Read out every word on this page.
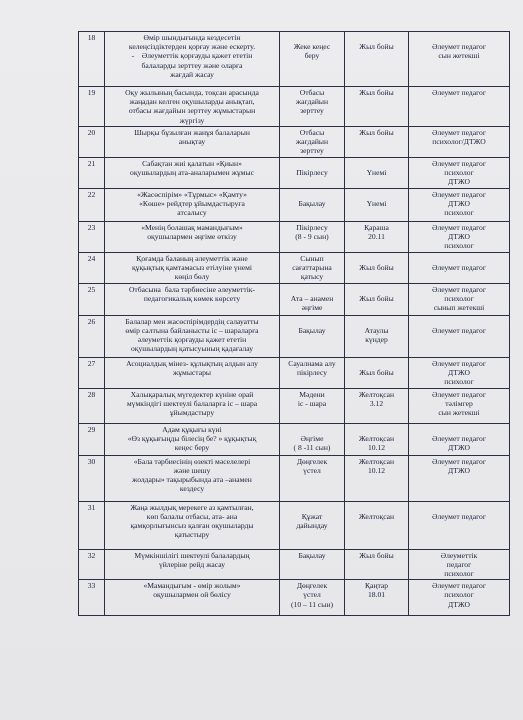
18	Өмір шындығында кездесетін
келеңсіздіктерден қорғау және ескерту.
-    Әлеуметтік қорғауды қажет ететін
балаларды зерттеу және оларға
жағдай жасау	Жеке кеңес
беру	Жыл бойы	Әлеумет педагог
сын жетекші

19	Оқу жылының басында, тоқсан арасында
жаңадан келген оқушыларды анықтап,
отбасы жағдайын зерттеу жұмыстарын
жүргізу	Отбасы
жағдайын
зерттеу	Жыл бойы	Әлеумет педагог

20	Шырқы бұзылған жанұя балаларын
анықтау	Отбасы
жағдайын
зерттеу	Жыл бойы	Әлеумет педагог
психолог/ДТЖО

21	Сабақтан жиі қалатын «Қиын»
оқушылардың ата-аналарымен жұмыс	Пікірлесу	Үнемі	Әлеумет педагог
психолог
ДТЖО

22	«Жасөспірім» «Тұрмыс» «Қамту»
«Көше» рейдтер ұйымдастыруға
атсалысу	Бақылау	Үнемі	Әлеумет педагог
ДТЖО
психолог

23	«Менің болашақ мамандығым»
оқушылармен әңгіме өткізу	Пікірлесу
(8 - 9 сын)	Қараша
20.11	Әлеумет педагог
ДТЖО
психолог

24	Қоғамда баланың әлеуметтік және
құқықтық қамтамасыз етілуіне үнемі
көңіл бөлу	Сынып
сағаттарына
қатысу	Жыл бойы	Әлеумет педагог

25	Отбасына  бала тәрбиесіне әлеуметтік-
педагогикалық көмек көрсету	Ата – анамен
әңгіме	Жыл бойы	Әлеумет педагог
психолог
сынып жетекші

26	Балалар мен жасөспірімдердің салауатты
өмір салтына байланысты іс – шараларға
әлеуметтік қорғауды қажет ететін
оқушылардың қатысуының қадағалау	Бақылау	Атаулы
күндер	Әлеумет педагог

27	Асоциалдық мінез- құлықтың алдын алу
жұмыстары	Сауалнама алу
пікірлесу	Жыл бойы	Әлеумет педагог
ДТЖО
психолог

28	Халықаралық мүгедектер күніне орай
мүмкіндігі шектеулі балаларға іс – шара
ұйымдастыру	Мәдени
іс - шара	Желтоқсан
3.12	Әлеумет педагог
тәлімгер
сын жетекші

29	Адам құқығы күні
«Өз құқығыңды білесің бе? » құқықтық
кеңес беру	Әңгіме
( 8 -11 сын)	Желтоқсан
10.12	Әлеумет педагог
ДТЖО

30	«Бала тәрбиесінің өзекті мәселелері
және шешу
жолдары» тақырыбында ата –анамен
кездесу	Дөңгелек
үстел	Желтоқсан
10.12	Әлеумет педагог
ДТЖО

31	Жаңа жылдық мерекеге аз қамтылған,
көп балалы отбасы, ата- ана
қамқорлығынсыз қалған оқушыларды
қатыстыру	Құжат
дайындау	Желтоқсан	Әлеумет педагог

32	Мүмкіншілігі шектеулі балалардың
үйлеріне рейд жасау	Бақылау	Жыл бойы	Әлеуметтік
педагог
психолог

33	«Мамандығым - өмір жолым»
оқушылармен ой бөлісу	Дөңгелек
үстел
(10 – 11 сын)	Қаңтар
18.01	Әлеумет педагог
психолог
ДТЖО
